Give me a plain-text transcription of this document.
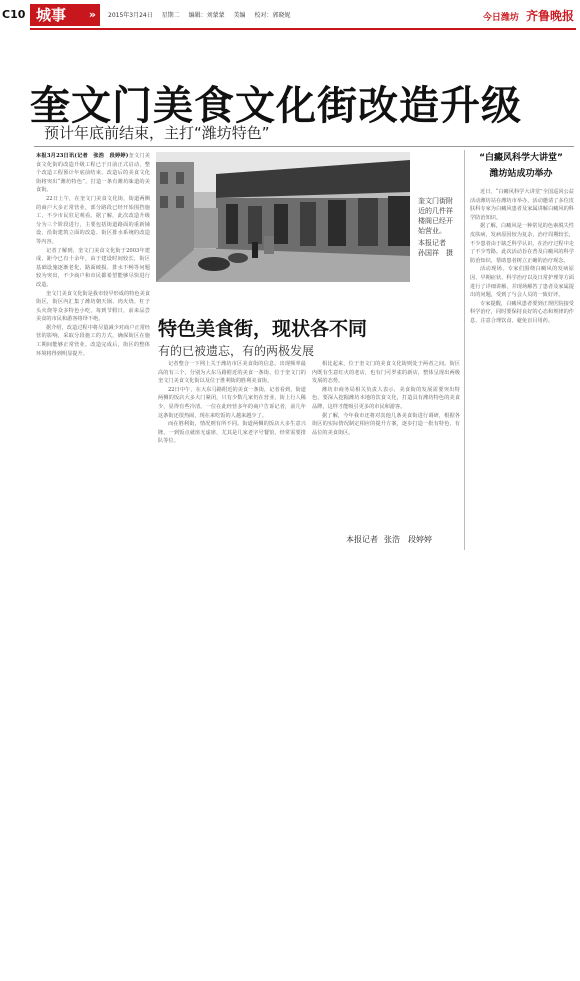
C10 城事 » 2015年3月24日 星期二 编辑：刘蒙蒙 美编 校对：郭晓妮	今日潍坊 齐鲁晚报
奎文门美食文化街改造升级

预计年底前结束，主打“潍坊特色”

本报3月23日讯(记者　张浩　段婷婷)奎文门美食文化街的改造升级工程已于日前正式启动，整个改造工程预计年底前结束，改造后的美食文化街将突出“潍坊特色”，打造一条有潍坊味道的美食街。

22日上午，在奎文门美食文化街，街道两侧的商户大多正常营业，部分路段已经开始围挡施工，不少市民驻足观看。据了解，此次改造升级分为三个阶段进行，主要包括街道路面的重新铺设、沿街建筑立面的改造、街区排水系统的改造等内容。

记者了解到，奎文门美食文化街于2003年建成，距今已有十余年，由于建设时间较长，街区基础设施逐渐老化，路面破损、排水不畅等问题较为突出，不少商户和市民都希望能够尽快进行改造。

奎文门美食文化街是我市较早形成的特色美食街区，街区内汇集了潍坊朝天锅、肉火烧、杠子头火烧等众多特色小吃，每到节假日，前来品尝美食的市民和游客络绎不绝。

据介绍，改造过程中将尽量减少对商户正常经营的影响，采取分段施工的方式，确保街区在施工期间能够正常营业。改造完成后，街区的整体环境将得到明显提升。

奎文门街附近的几件祥楼阁已经开始营业。
本报记者　孙国祥　摄
特色美食街，现状各不同

有的已被遗忘，有的两极发展

记者整合一下网上关于潍坊市区美食街的信息，出现频率最高的有三个，分别为大东马路附近的美食一条街、位于奎文门的奎文门美食文化街以及位于胜利街的胜利美食街。

22日中午，在大东马路附近的美食一条街，记者看到，街道两侧的饭店大多大门紧闭，只有少数几家仍在营业，街上行人稀少，显得有些冷清。一位在此经营多年的商户告诉记者，前几年这条街还很热闹，现在来吃饭的人越来越少了。

而在胜利街，情况则有所不同。街道两侧的饭店大多生意兴隆，一到饭点就座无虚席，尤其是几家老字号餐馆，经常需要排队等位。

相比起来，位于奎文门的美食文化街则处于两者之间。街区内既有生意红火的老店，也有门可罗雀的新店，整体呈现出两极发展的态势。

潍坊市商务局相关负责人表示，美食街的发展需要突出特色，要深入挖掘潍坊本地的饮食文化，打造具有潍坊特色的美食品牌，这样才能吸引更多的市民和游客。

据了解，今年我市还将对其他几条美食街进行调研，根据各街区的实际情况制定相应的提升方案，逐步打造一批有特色、有品位的美食街区。

本报记者 张浩　段婷婷
“白癜风科学大讲堂”
潍坊站成功举办

近日，“白癜风科学大讲堂”全国巡回公益活动潍坊站在潍坊市举办，活动邀请了多位皮肤科专家为白癜风患者及家属讲解白癜风的科学防治知识。

据了解，白癜风是一种常见的色素脱失性皮肤病，发病原因较为复杂，治疗周期较长，不少患者由于缺乏科学认识，在治疗过程中走了不少弯路。此次活动旨在普及白癜风的科学防治知识，帮助患者树立正确的治疗观念。

活动现场，专家们围绕白癜风的发病原因、早期症状、科学治疗以及日常护理等方面进行了详细讲解，并现场解答了患者及家属提出的问题，受到了与会人员的一致好评。

专家提醒，白癜风患者要到正规医院接受科学治疗，同时要保持良好的心态和规律的作息，注意合理饮食，避免盲目用药。
